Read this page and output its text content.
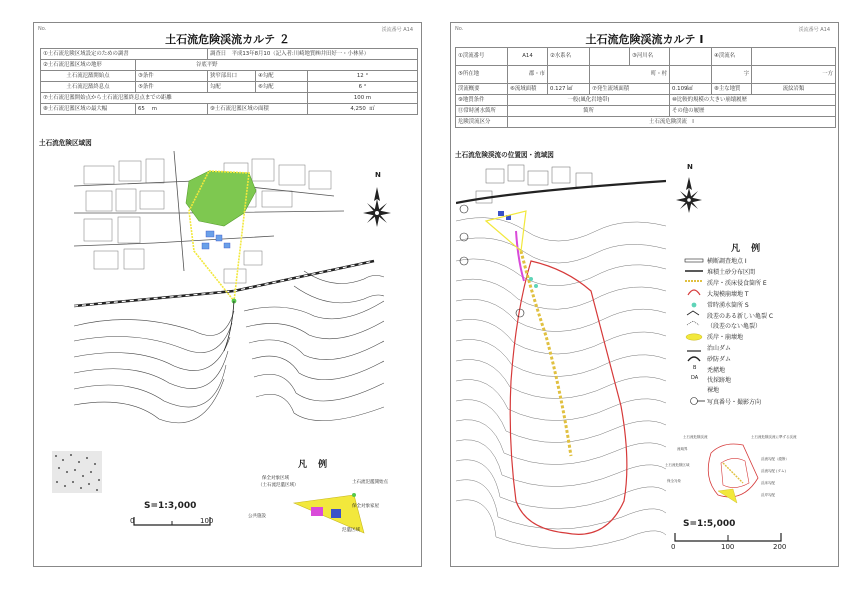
No.	渓流番号 A14
土石流危険渓流カルテ ２
①土石流危険区域設定のための調書		調査日　平成13年8月10（記入者:川崎地質㈱井田好一・小林昇）		
②土石流氾濫区域の地形	谷底平野			
土石流氾濫開始点	③条件	狭窄部出口	④勾配	12 °
土石流氾濫終息点	⑤条件	勾配	⑥勾配	6 °
⑦土石流氾濫開始点から土石流氾濫終息点までの距離				100 m
⑧土石流氾濫区域の最大幅	65 m	⑨土石流氾濫区域の面積		4,250 ㎡
土石流危険区域図
N
S=1:3,000
0	100
凡 例
保全対象区域
（土石流氾濫区域）
土石流氾濫開始点
公共施設
保全対象家屋
氾濫区域
No.	渓流番号 A14
土石流危険渓流カルテ Ⅰ
①渓流番号	A14	②水系名		③河川名		④渓流名	
⑤所在地	郡・市		町・村			字	一方
渓流概要	⑥流域面積	0.127 ㎢	⑦発生流域面積		0.109㎢	⑧主な地質	流紋岩類
⑨地質条件	一般(風化岩地帯)				⑩比較的規模の大きい崩壊履歴		
⑪常時湧水箇所	箇所				その他の履歴		
危険渓流区分	土石流危険渓流　Ⅰ						
土石流危険渓流の位置図・流域図
N
凡 例
横断調査地点 Ⅰ
堆積土砂分布区間
渓岸・渓床侵食箇所 E
大規模崩壊地 T
常時湧水箇所 S
段差のある新しい亀裂 C
（段差のない亀裂）
渓岸・崩壊地
治山ダム
砂防ダム
B 禿赭地
DA 伐採跡地
裸地
写真番号・撮影方向
土石流危険渓流	土石流危険渓流に準ずる渓流
流域界
土石流危険区域
渓流勾配（縦断）
保全対象
渓流勾配 (ダム)
渓床勾配
渓岸勾配
S=1:5,000
0	100	200
